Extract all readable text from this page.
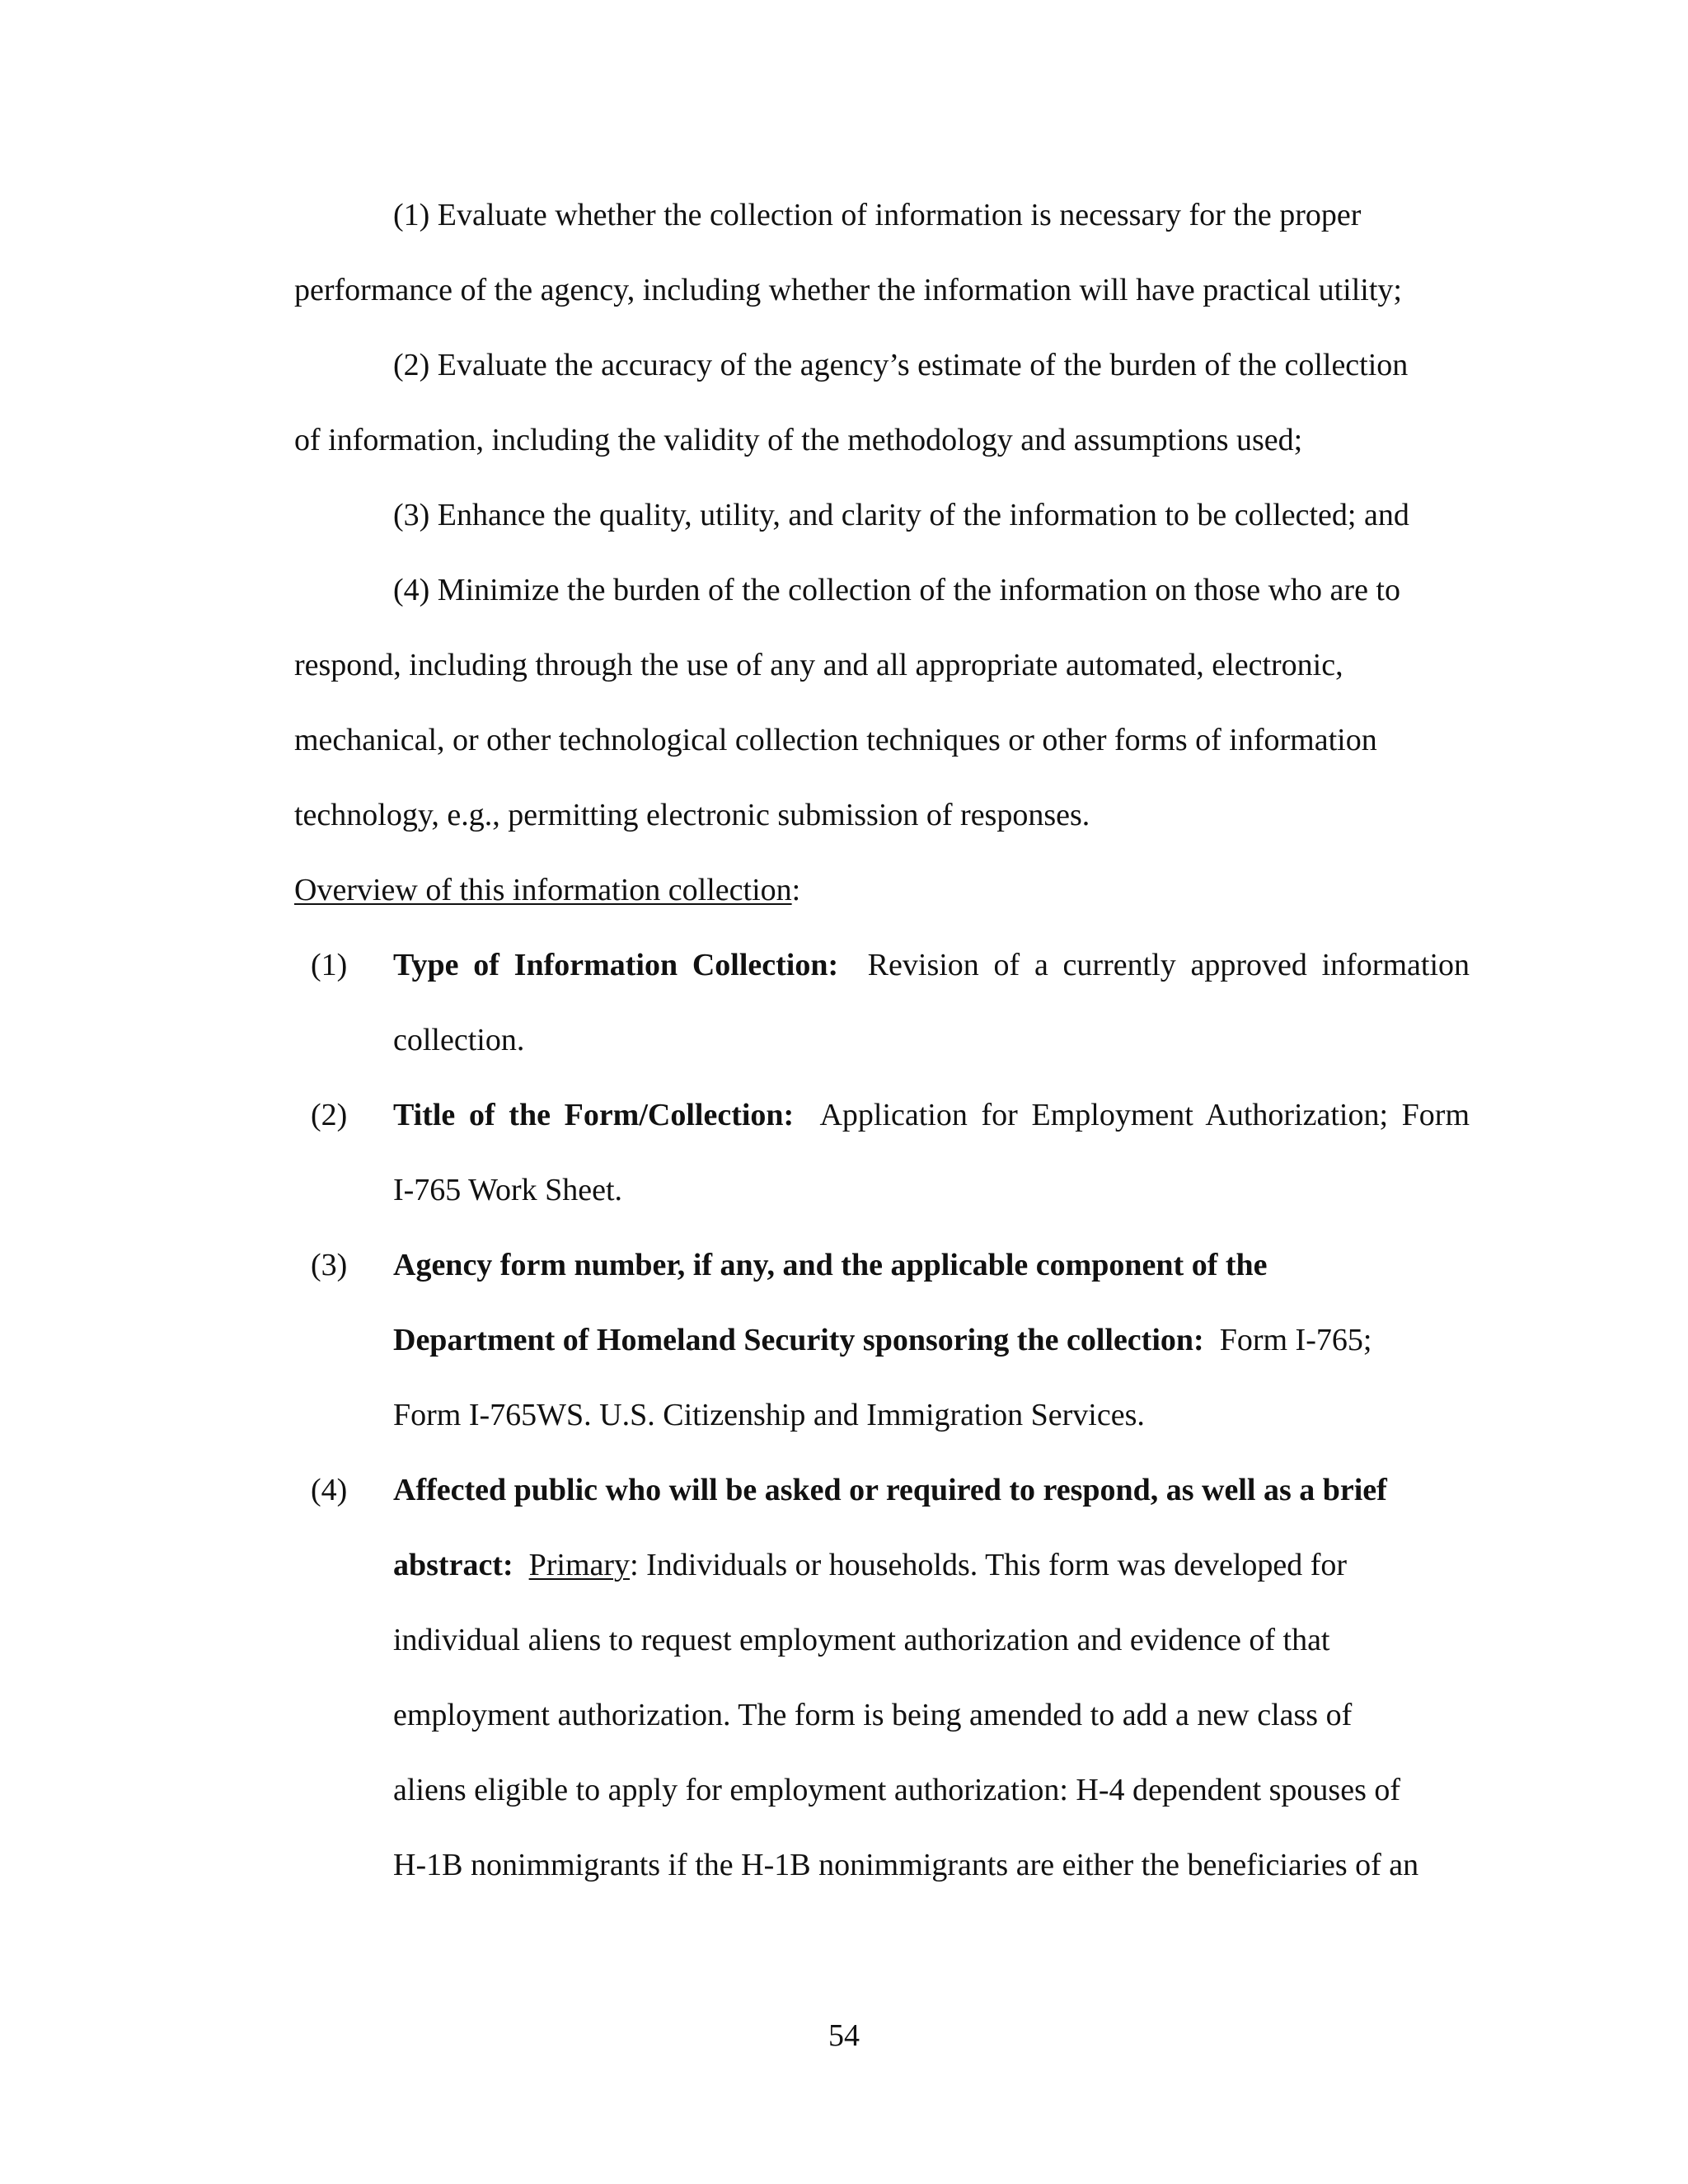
(1) Evaluate whether the collection of information is necessary for the proper

performance of the agency, including whether the information will have practical utility;

(2) Evaluate the accuracy of the agency’s estimate of the burden of the collection

of information, including the validity of the methodology and assumptions used;

(3) Enhance the quality, utility, and clarity of the information to be collected; and

(4) Minimize the burden of the collection of the information on those who are to

respond, including through the use of any and all appropriate automated, electronic,

mechanical, or other technological collection techniques or other forms of information

technology, e.g., permitting electronic submission of responses.

Overview of this information collection:

(1) Type of Information Collection: Revision of a currently approved information

collection.

(2) Title of the Form/Collection: Application for Employment Authorization; Form

I-765 Work Sheet.

(3) Agency form number, if any, and the applicable component of the

Department of Homeland Security sponsoring the collection: Form I-765;

Form I-765WS. U.S. Citizenship and Immigration Services.

(4) Affected public who will be asked or required to respond, as well as a brief

abstract: Primary: Individuals or households. This form was developed for

individual aliens to request employment authorization and evidence of that

employment authorization. The form is being amended to add a new class of

aliens eligible to apply for employment authorization: H-4 dependent spouses of

H-1B nonimmigrants if the H-1B nonimmigrants are either the beneficiaries of an

54
